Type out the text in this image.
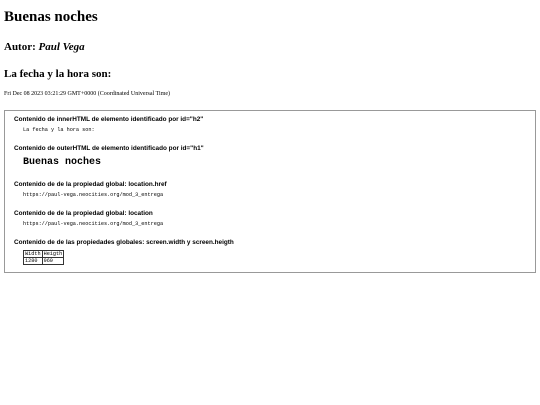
Buenas noches
Autor: Paul Vega
La fecha y la hora son:

Fri Dec 08 2023 03:21:29 GMT+0000 (Coordinated Universal Time)

Contenido de innerHTML de elemento identificado por id="h2"
La fecha y la hora son:
Contenido de outerHTML de elemento identificado por id="h1"
Buenas noches
Contenido de de la propiedad global: location.href
https://paul-vega.neocities.org/mod_3_entrega
Contenido de de la propiedad global: location
https://paul-vega.neocities.org/mod_3_entrega
Contenido de de las propiedades globales: screen.width y screen.heigth
Width	Heigth
1280	960
